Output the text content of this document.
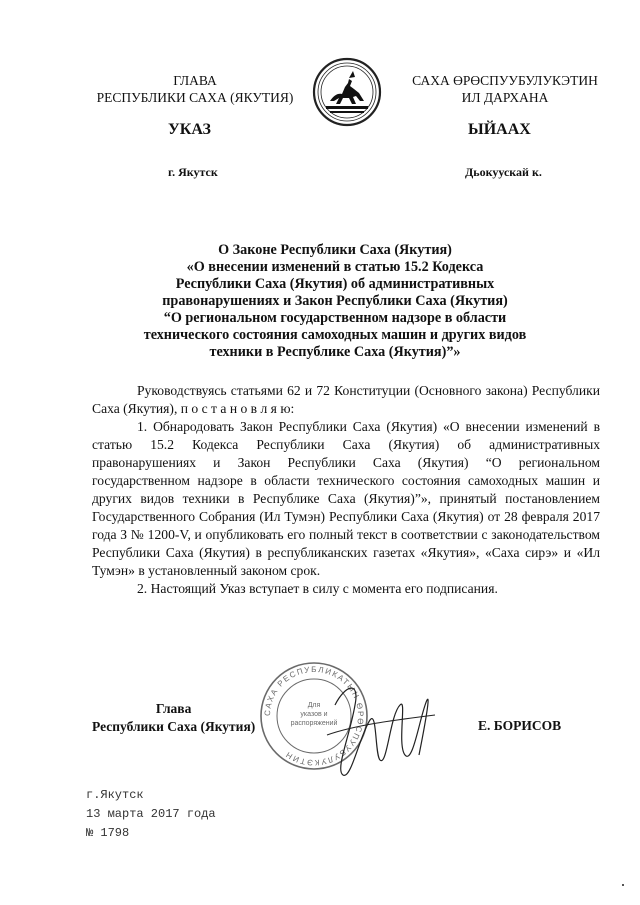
ГЛАВА
РЕСПУБЛИКИ САХА (ЯКУТИЯ)
САХА ӨРӨСПУУБУЛУКЭТИН
ИЛ ДАРХАНА
УКАЗ	ЫЙААХ
г. Якутск	Дьокуускай к.
О Законе Республики Саха (Якутия)
«О внесении изменений в статью 15.2 Кодекса
Республики Саха (Якутия) об административных
правонарушениях и Закон Республики Саха (Якутия)
“О региональном государственном надзоре в области
технического состояния самоходных машин и других видов
техники в Республике Саха (Якутия)”»

Руководствуясь статьями 62 и 72 Конституции (Основного закона) Республики Саха (Якутия), п о с т а н о в л я ю:

1. Обнародовать Закон Республики Саха (Якутия) «О внесении изменений в статью 15.2 Кодекса Республики Саха (Якутия) об административных правонарушениях и Закон Республики Саха (Якутия) “О региональном государственном надзоре в области технического состояния самоходных машин и других видов техники в Республике Саха (Якутия)”», принятый постановлением Государственного Собрания (Ил Тумэн) Республики Саха (Якутия) от 28 февраля 2017 года З № 1200-V, и опубликовать его полный текст в соответствии с законодательством Республики Саха (Якутия) в республиканских газетах «Якутия», «Саха сирэ» и «Ил Тумэн» в установленный законом срок.

2. Настоящий Указ вступает в силу с момента его подписания.

САХА РЕСПУБЛИКАТЫН ӨРӨСПУУБУЛУКЭТИН
Для
указов и
распоряжений
Глава
Республики Саха (Якутия)	Е. БОРИСОВ
г.Якутск
13 марта 2017 года
№ 1798
